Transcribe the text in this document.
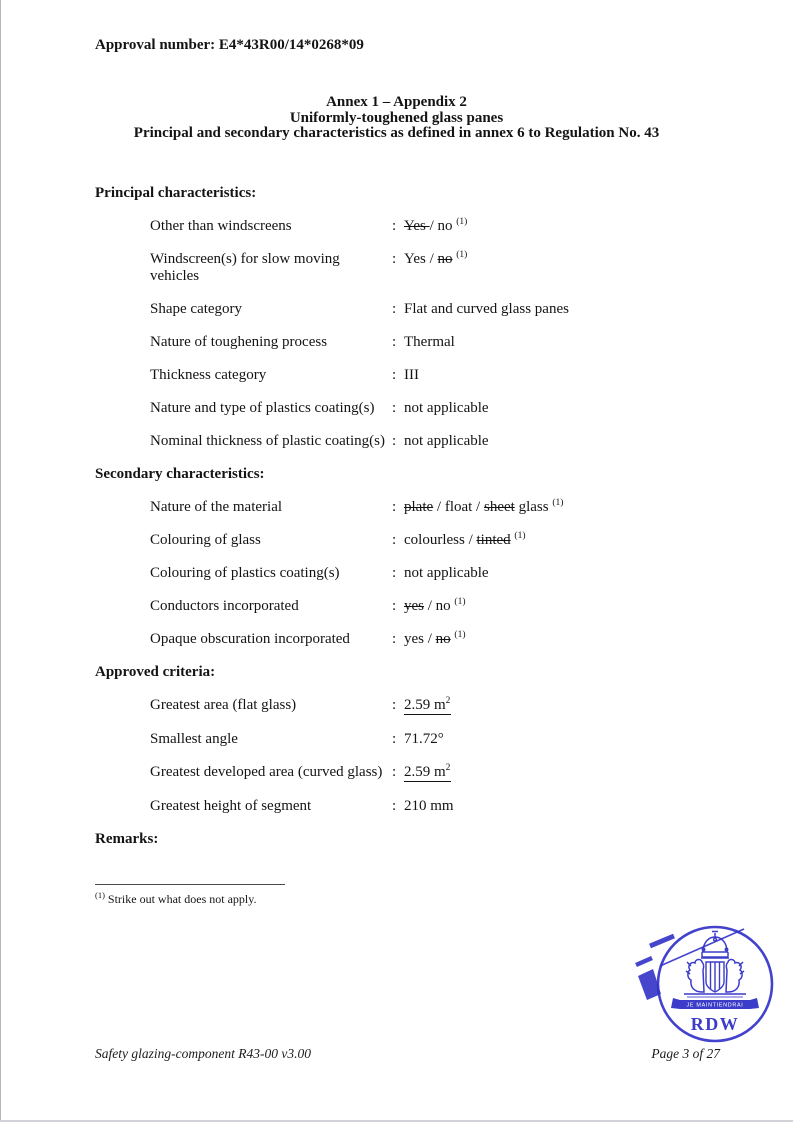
Approval number: E4*43R00/14*0268*09
Annex 1 – Appendix 2
Uniformly-toughened glass panes
Principal and secondary characteristics as defined in annex 6 to Regulation No. 43
Principal characteristics:
Other than windscreens	: Yes / no $^{(1)}$
Windscreen(s) for slow moving vehicles
: Yes / no $^{(1)}$
Shape category	: Flat and curved glass panes
Nature of toughening process	: Thermal
Thickness category	: III
Nature and type of plastics coating(s)	: not applicable
Nominal thickness of plastic coating(s) : not applicable
Secondary characteristics:
Nature of the material	: plate / float / sheet glass $^{(1)}$
Colouring of glass	: colourless / tinted $^{(1)}$
Colouring of plastics coating(s)	: not applicable
Conductors incorporated	: yes / no $^{(1)}$
Opaque obscuration incorporated	: yes / no $^{(1)}$
Approved criteria:
Greatest area (flat glass)	: 2.59 $m^2$
Smallest angle	: 71.72°
Greatest developed area (curved glass) : 2.59 $m^2$
Greatest height of segment	: 210 mm
Remarks:
$^{(1)}$ Strike out what does not apply.
JE MAINTIENDRAI
RDW
Safety glazing-component R43-00 v3.00	Page 3 of 27
